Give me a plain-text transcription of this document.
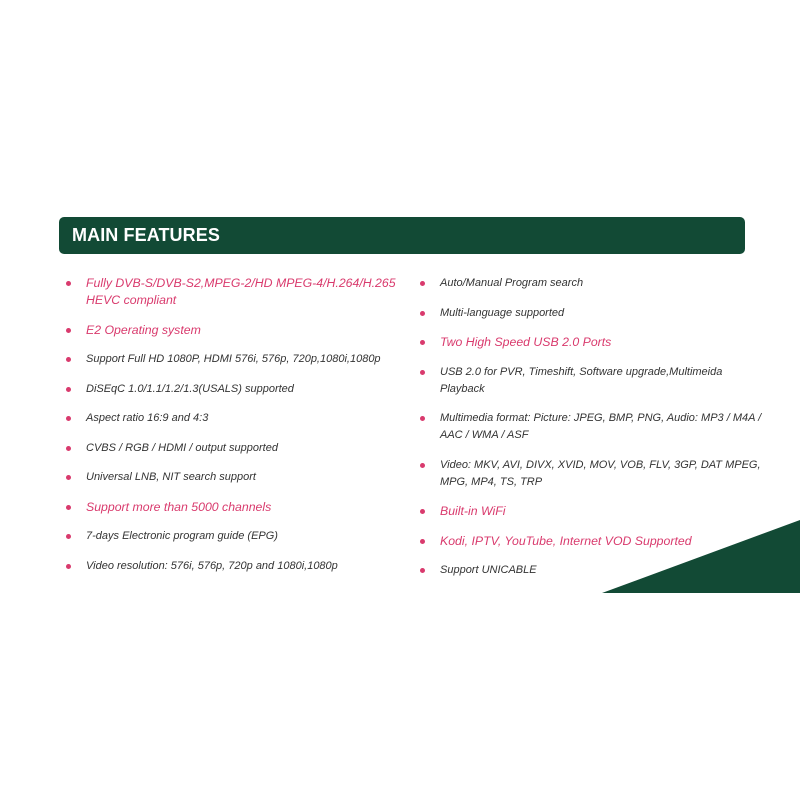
MAIN FEATURES
Fully DVB-S/DVB-S2,MPEG-2/HD MPEG-4/H.264/H.265 HEVC compliant
E2 Operating system
Support Full HD 1080P, HDMI 576i, 576p, 720p,1080i,1080p
DiSEqC 1.0/1.1/1.2/1.3(USALS) supported
Aspect ratio 16:9 and 4:3
CVBS / RGB / HDMI / output supported
Universal LNB, NIT search support
Support more than 5000 channels
7-days Electronic program guide (EPG)
Video resolution: 576i, 576p, 720p and 1080i,1080p
Auto/Manual Program search
Multi-language supported
Two High Speed USB 2.0 Ports
USB 2.0 for PVR, Timeshift, Software upgrade,Multimeida Playback
Multimedia format: Picture: JPEG, BMP, PNG, Audio: MP3 / M4A / AAC / WMA / ASF
Video: MKV, AVI, DIVX, XVID, MOV, VOB, FLV, 3GP, DAT MPEG, MPG, MP4, TS, TRP
Built-in WiFi
Kodi, IPTV, YouTube, Internet VOD Supported
Support UNICABLE
